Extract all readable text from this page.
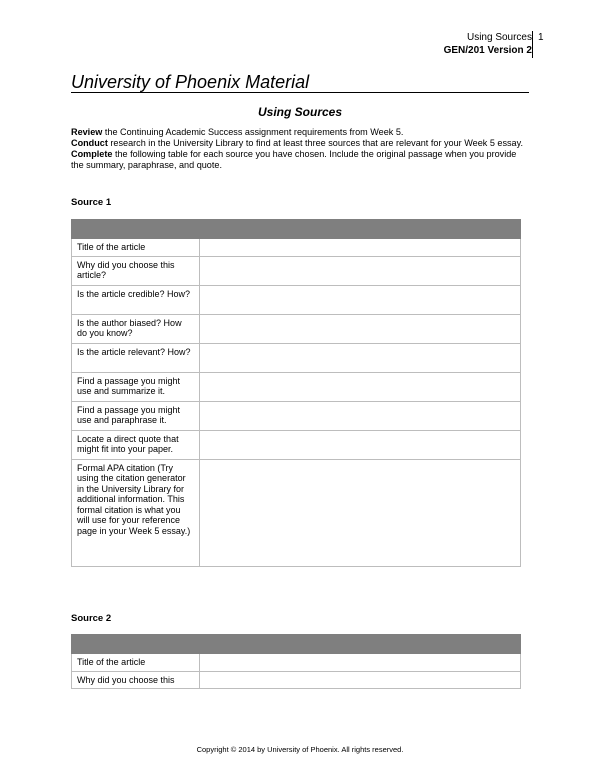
Using Sources
GEN/201 Version 2
1
University of Phoenix Material
Using Sources

Review the Continuing Academic Success assignment requirements from Week 5.

Conduct research in the University Library to find at least three sources that are relevant for your Week 5 essay.

Complete the following table for each source you have chosen. Include the original passage when you provide the summary, paraphrase, and quote.

Source 1

Title of the article	
Why did you choose this article?	
Is the article credible? How?	
Is the author biased? How do you know?	
Is the article relevant? How?	
Find a passage you might use and summarize it.	
Find a passage you might use and paraphrase it.	
Locate a direct quote that might fit into your paper.	
Formal APA citation (Try using the citation generator in the University Library for additional information. This formal citation is what you will use for your reference page in your Week 5 essay.)	
Source 2

Title of the article	
Why did you choose this	
Copyright © 2014 by University of Phoenix. All rights reserved.
